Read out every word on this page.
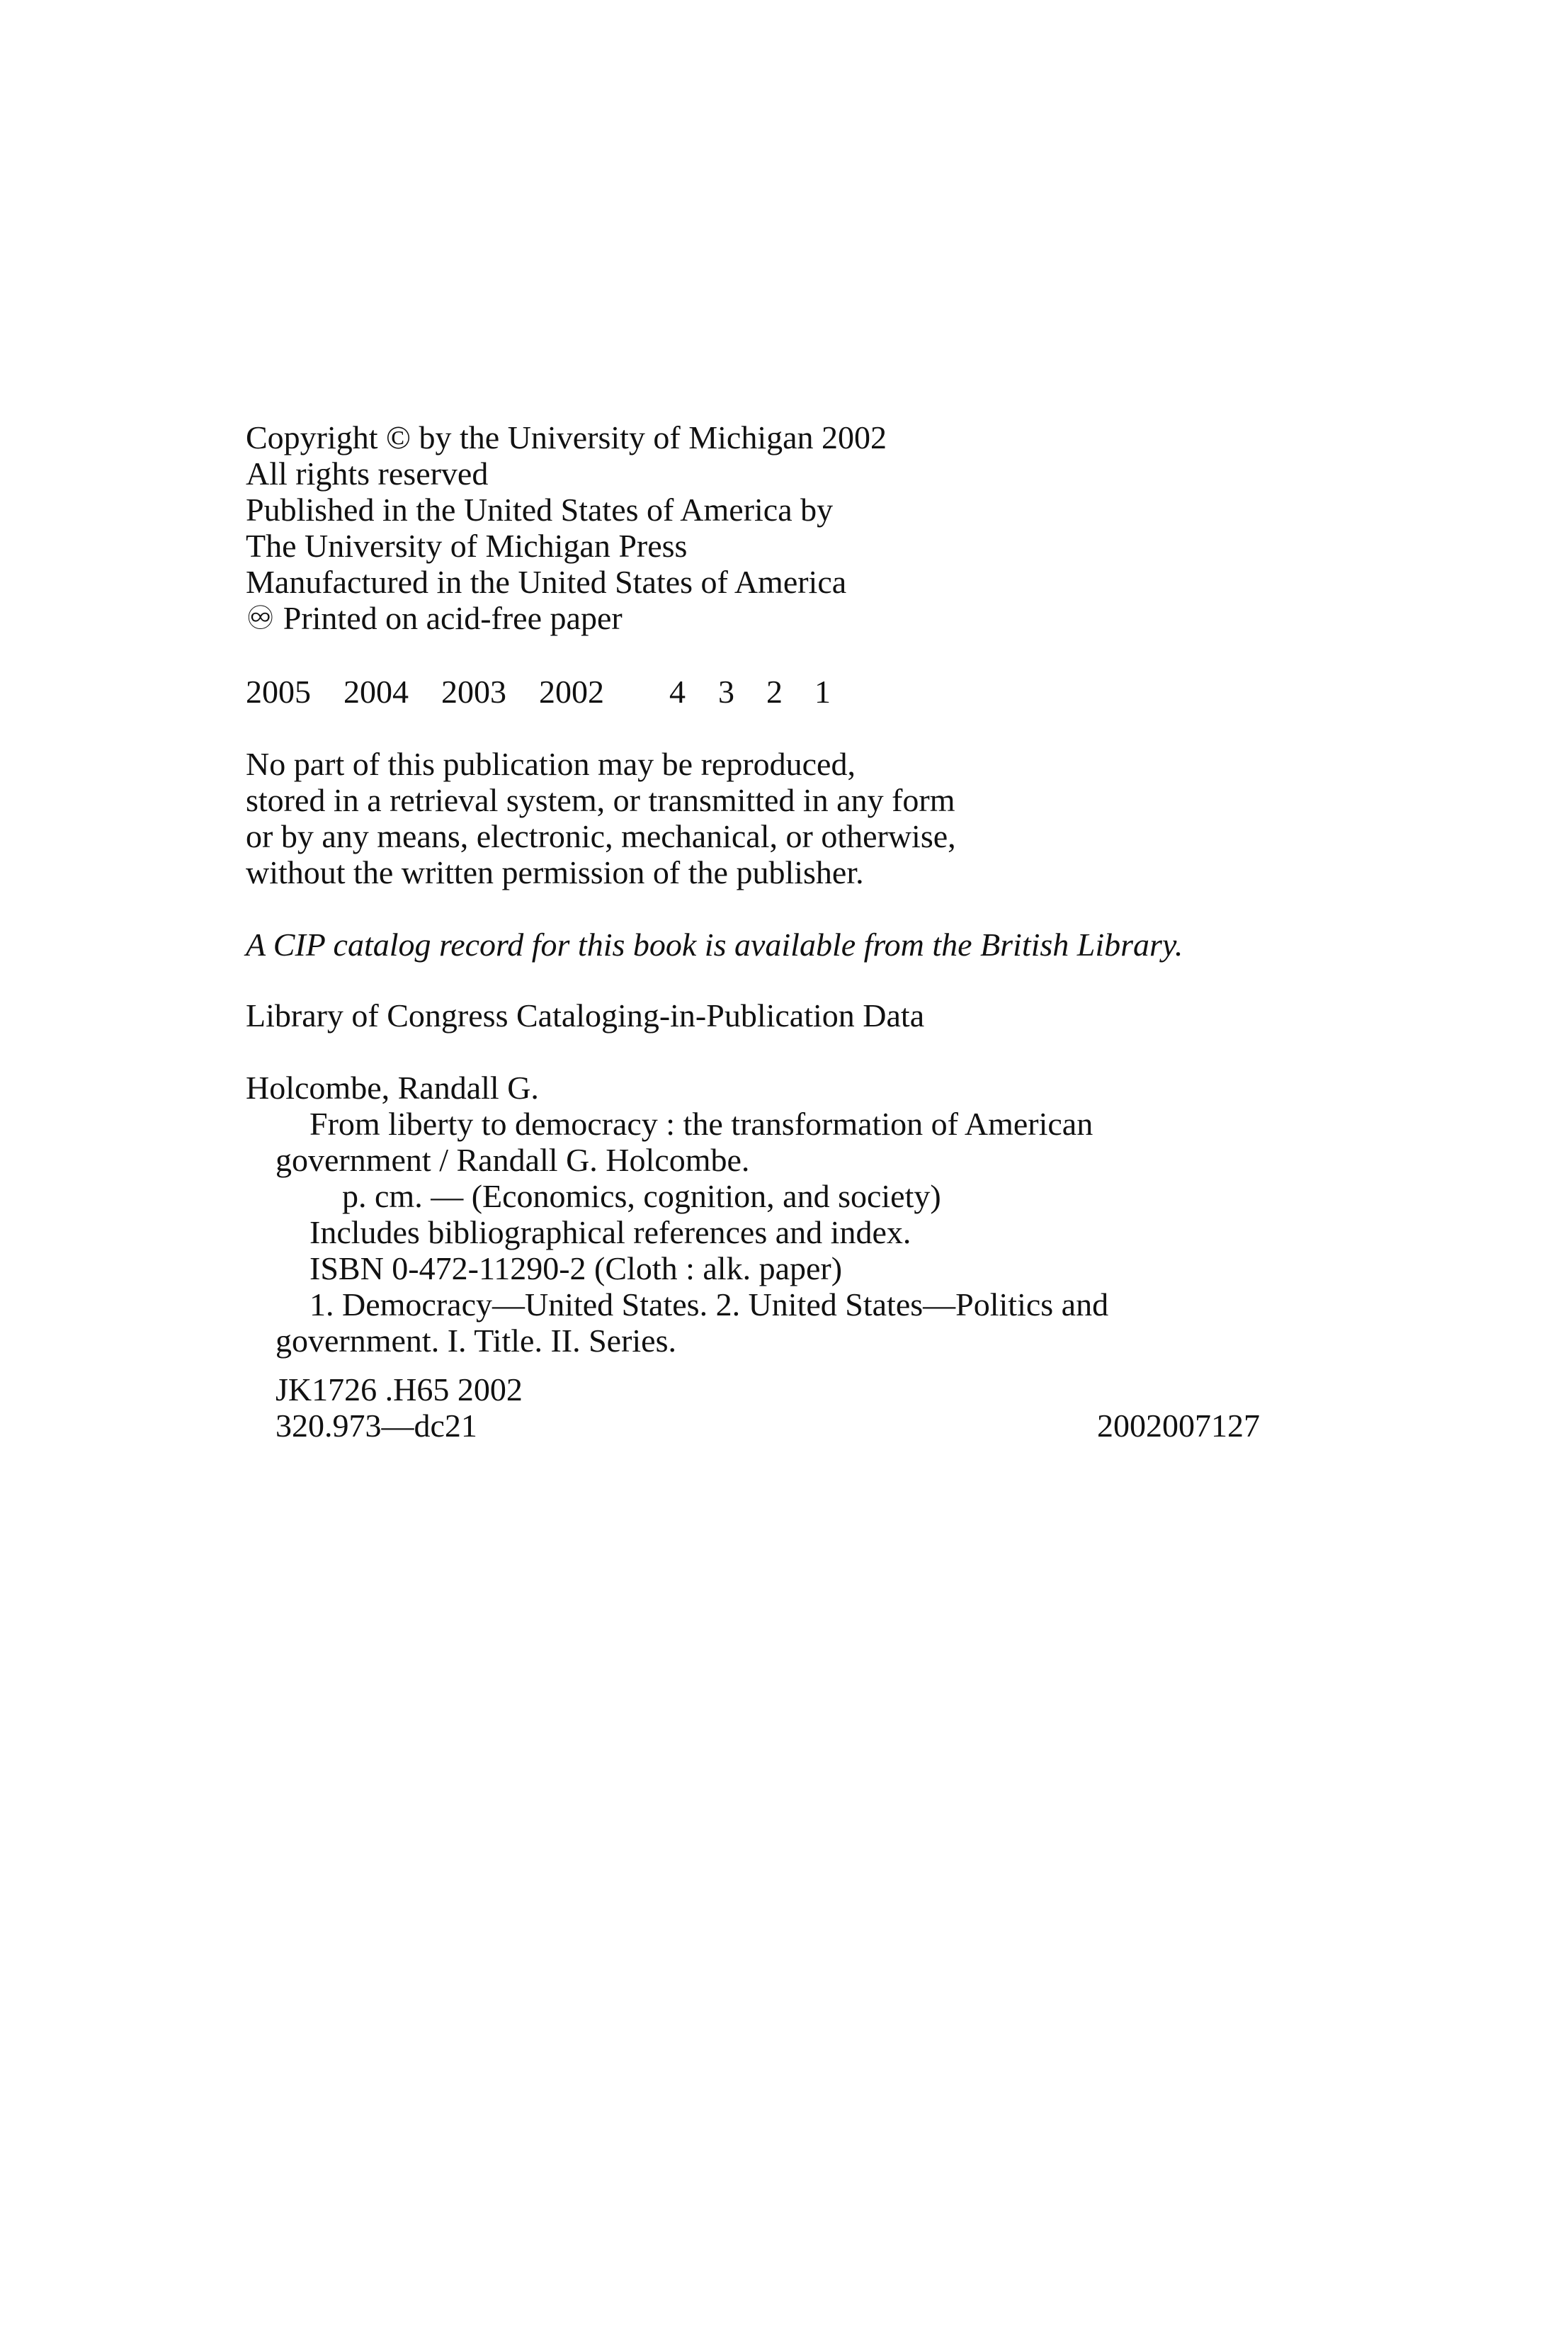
Copyright © by the University of Michigan 2002
All rights reserved
Published in the United States of America by
The University of Michigan Press
Manufactured in the United States of America
♾ Printed on acid-free paper
2005 2004 2003 2002 4 3 2 1
No part of this publication may be reproduced,
stored in a retrieval system, or transmitted in any form
or by any means, electronic, mechanical, or otherwise,
without the written permission of the publisher.
A CIP catalog record for this book is available from the British Library.
Library of Congress Cataloging-in-Publication Data
Holcombe, Randall G.
From liberty to democracy : the transformation of American
government / Randall G. Holcombe.
p. cm. — (Economics, cognition, and society)
Includes bibliographical references and index.
ISBN 0-472-11290-2 (Cloth : alk. paper)
1. Democracy—United States. 2. United States—Politics and
government. I. Title. II. Series.
JK1726 .H65 2002
320.973—dc21	2002007127
